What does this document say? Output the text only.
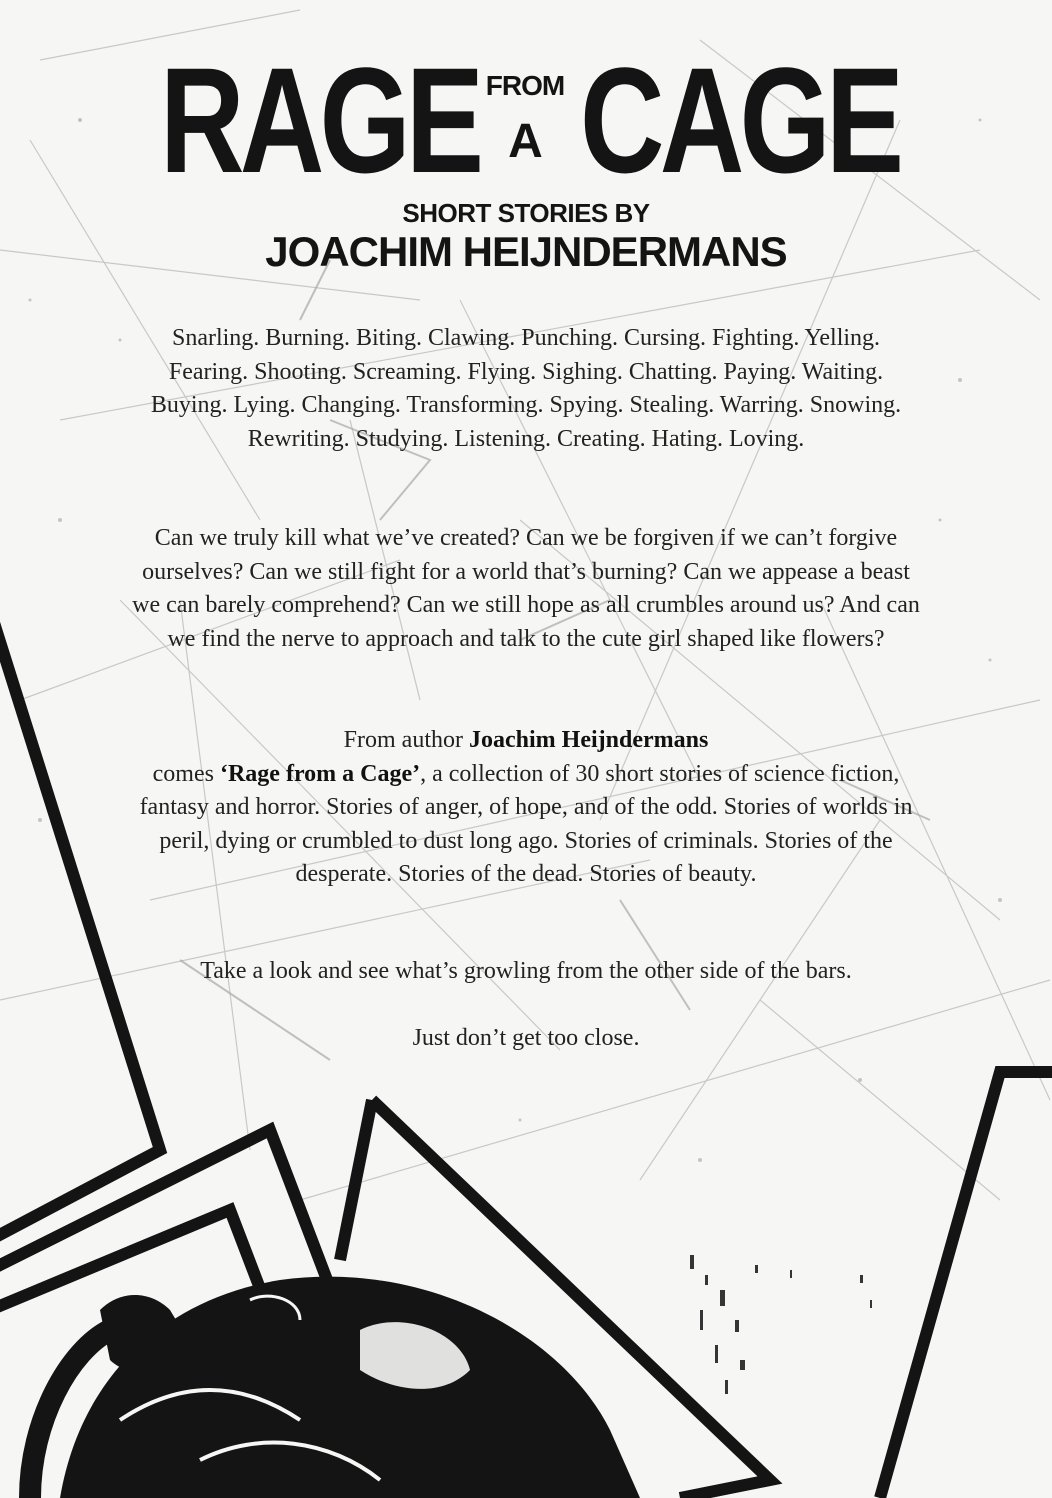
RAGE FROM
A CAGE
SHORT STORIES BY
JOACHIM HEIJNDERMANS
Snarling. Burning. Biting. Clawing. Punching. Cursing. Fighting. Yelling. Fearing. Shooting. Screaming. Flying. Sighing. Chatting. Paying. Waiting. Buying. Lying. Changing. Transforming. Spying. Stealing. Warring. Snowing. Rewriting. Studying. Listening. Creating. Hating. Loving.
Can we truly kill what we’ve created? Can we be forgiven if we can’t forgive ourselves? Can we still fight for a world that’s burning? Can we appease a beast we can barely comprehend? Can we still hope as all crumbles around us? And can we find the nerve to approach and talk to the cute girl shaped like flowers?
From author Joachim Heijndermans
comes ‘Rage from a Cage’, a collection of 30 short stories of science fiction, fantasy and horror. Stories of anger, of hope, and of the odd. Stories of worlds in peril, dying or crumbled to dust long ago. Stories of criminals. Stories of the desperate. Stories of the dead. Stories of beauty.
Take a look and see what’s growling from the other side of the bars.
Just don’t get too close.
